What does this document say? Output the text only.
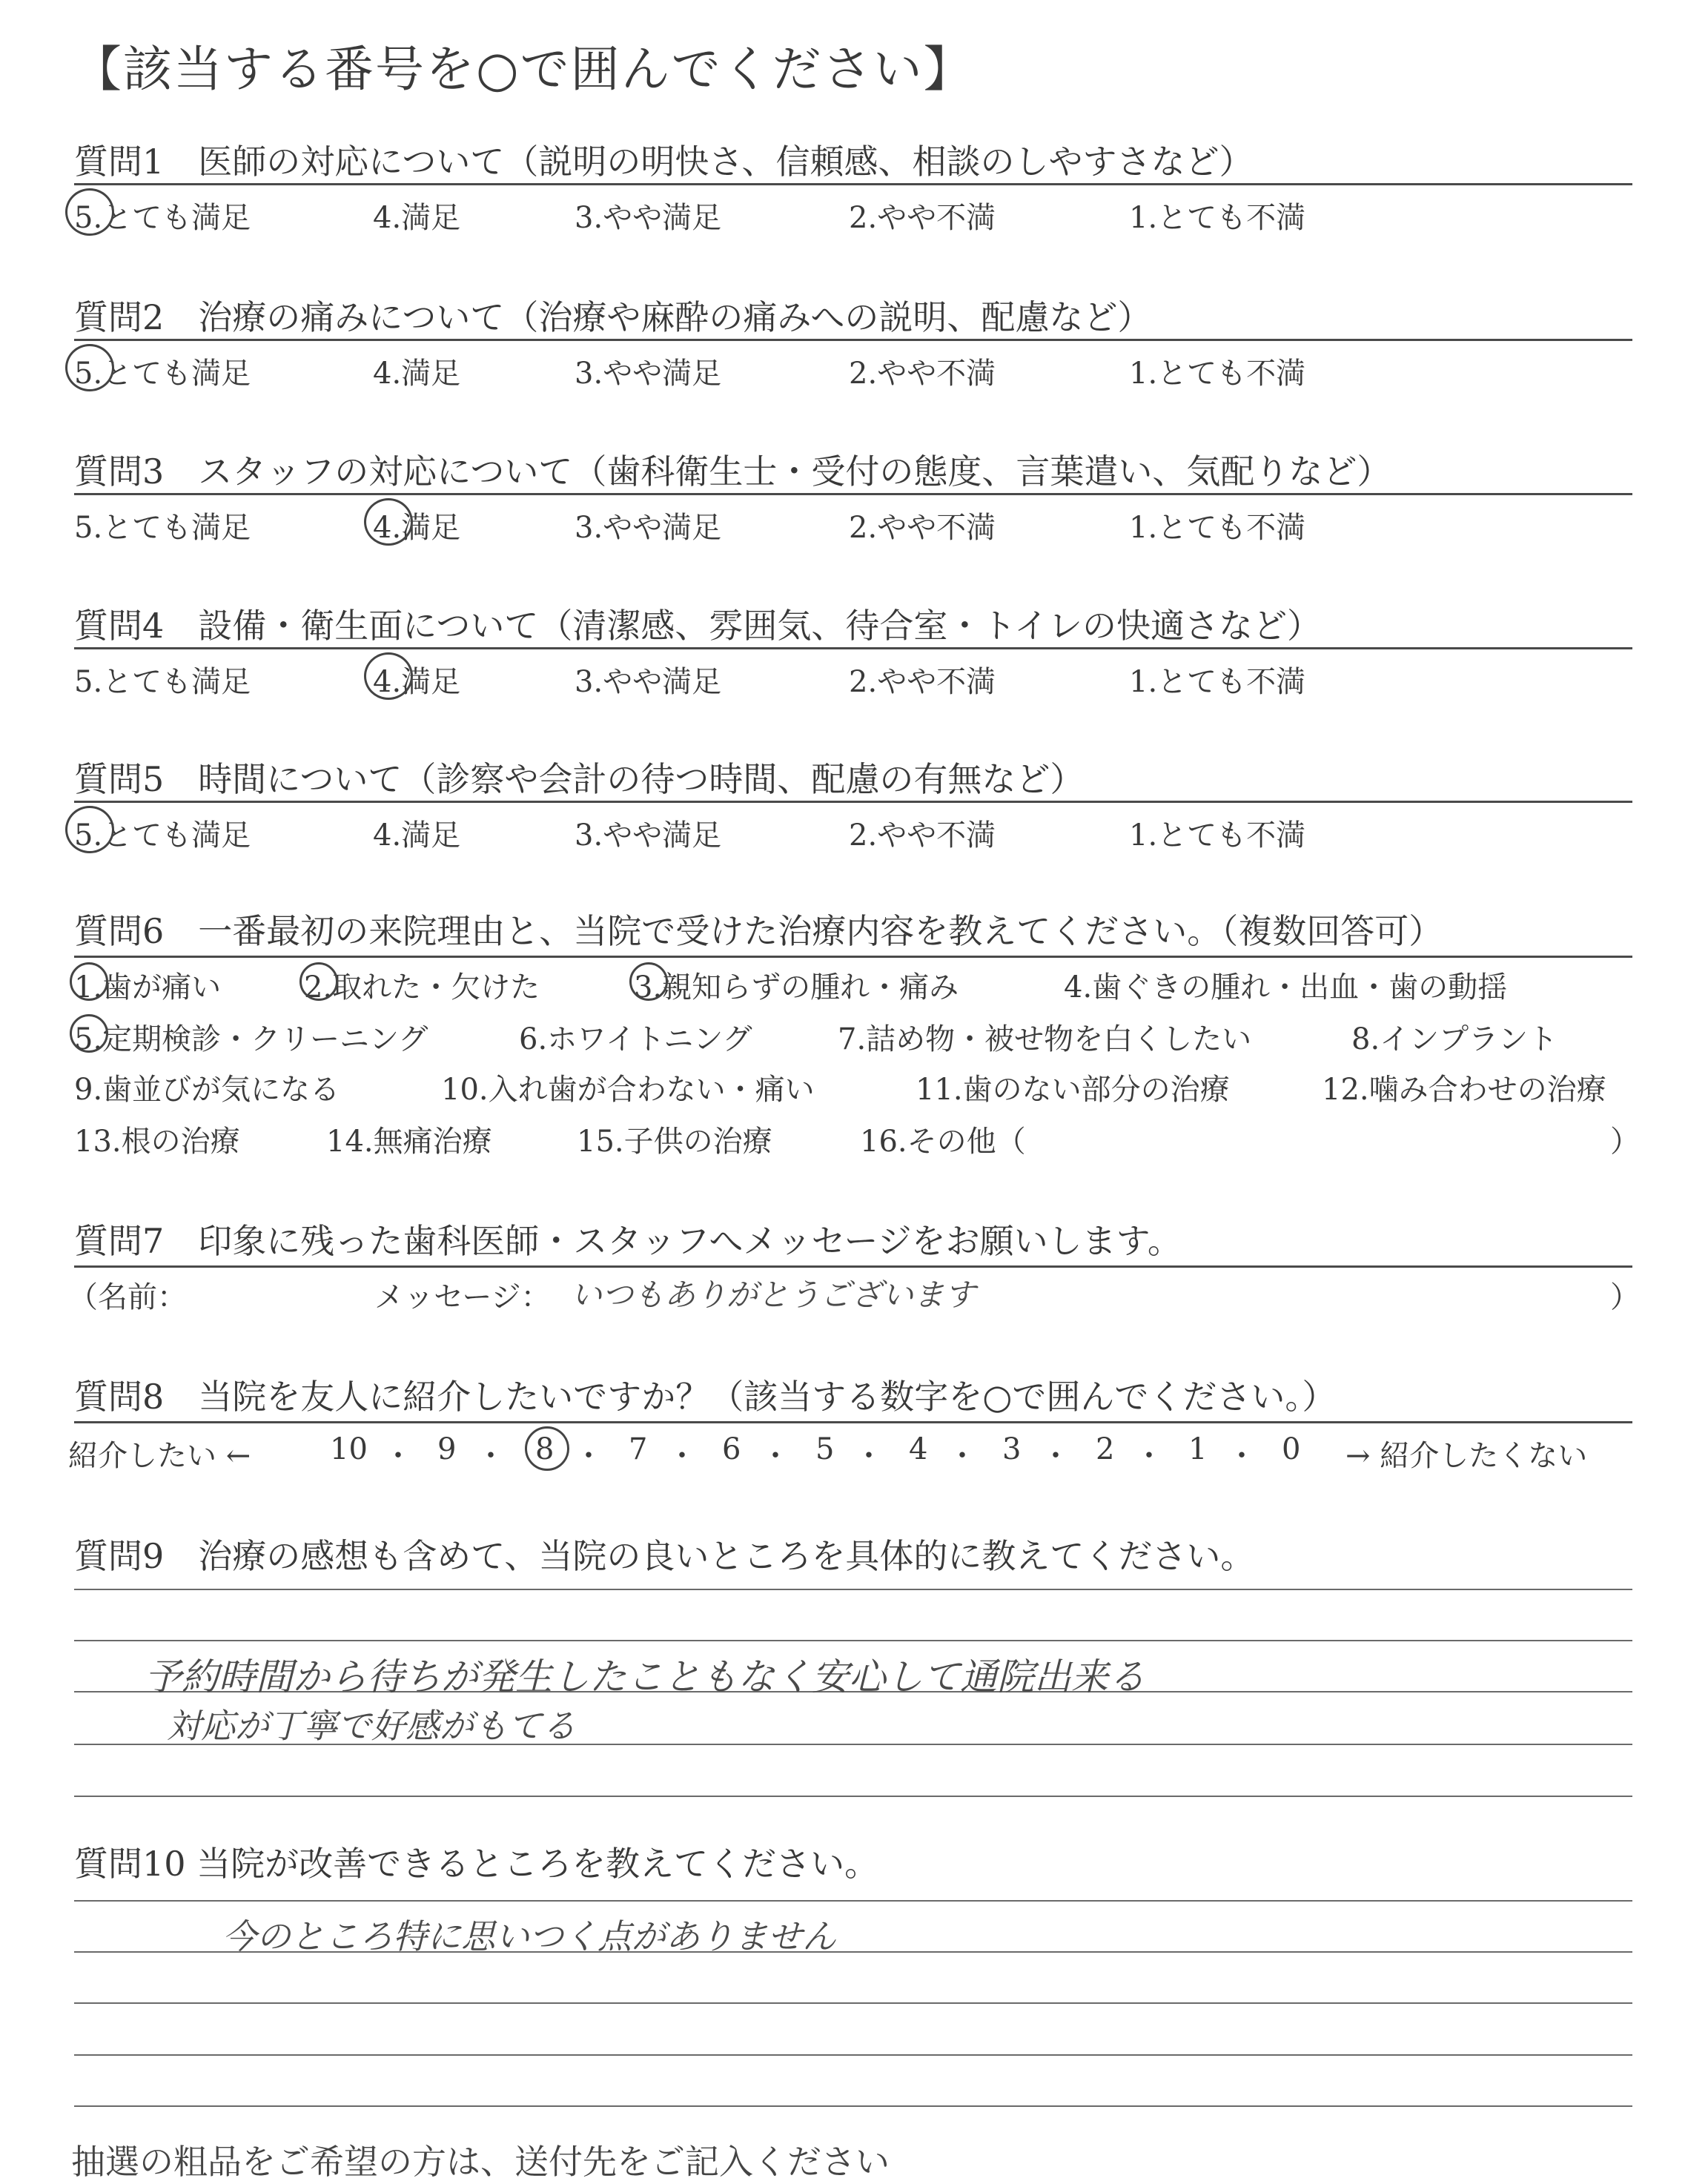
【該当する番号を○で囲んでください】
質問1　医師の対応について（説明の明快さ、信頼感、相談のしやすさなど）
5.とても満足	4.満足	3.やや満足	2.やや不満	1.とても不満
質問2　治療の痛みについて（治療や麻酔の痛みへの説明、配慮など）
5.とても満足	4.満足	3.やや満足	2.やや不満	1.とても不満
質問3　スタッフの対応について（歯科衛生士・受付の態度、言葉遣い、気配りなど）
5.とても満足	4.満足	3.やや満足	2.やや不満	1.とても不満
質問4　設備・衛生面について（清潔感、雰囲気、待合室・トイレの快適さなど）
5.とても満足	4.満足	3.やや満足	2.やや不満	1.とても不満
質問5　時間について（診察や会計の待つ時間、配慮の有無など）
5.とても満足	4.満足	3.やや満足	2.やや不満	1.とても不満
質問6　一番最初の来院理由と、当院で受けた治療内容を教えてください。（複数回答可）
1.歯が痛い	2.取れた・欠けた	3.親知らずの腫れ・痛み	4.歯ぐきの腫れ・出血・歯の動揺
5.定期検診・クリーニング	6.ホワイトニング	7.詰め物・被せ物を白くしたい	8.インプラント
9.歯並びが気になる	10.入れ歯が合わない・痛い	11.歯のない部分の治療	12.噛み合わせの治療
13.根の治療	14.無痛治療	15.子供の治療	16.その他（	）
質問7　印象に残った歯科医師・スタッフへメッセージをお願いします。
（名前：	メッセージ： いつもありがとうございます	）
質問8　当院を友人に紹介したいですか？（該当する数字を○で囲んでください。）
紹介したい ←	10 ・ 9 ・ 8 ・ 7 ・ 6 ・ 5 ・ 4 ・ 3 ・ 2 ・ 1 ・ 0 → 紹介したくない
質問9　治療の感想も含めて、当院の良いところを具体的に教えてください。
予約時間から待ちが発生したこともなく安心して通院出来る
対応が丁寧で好感がもてる
質問10 当院が改善できるところを教えてください。
今のところ特に思いつく点がありません
抽選の粗品をご希望の方は、送付先をご記入ください
